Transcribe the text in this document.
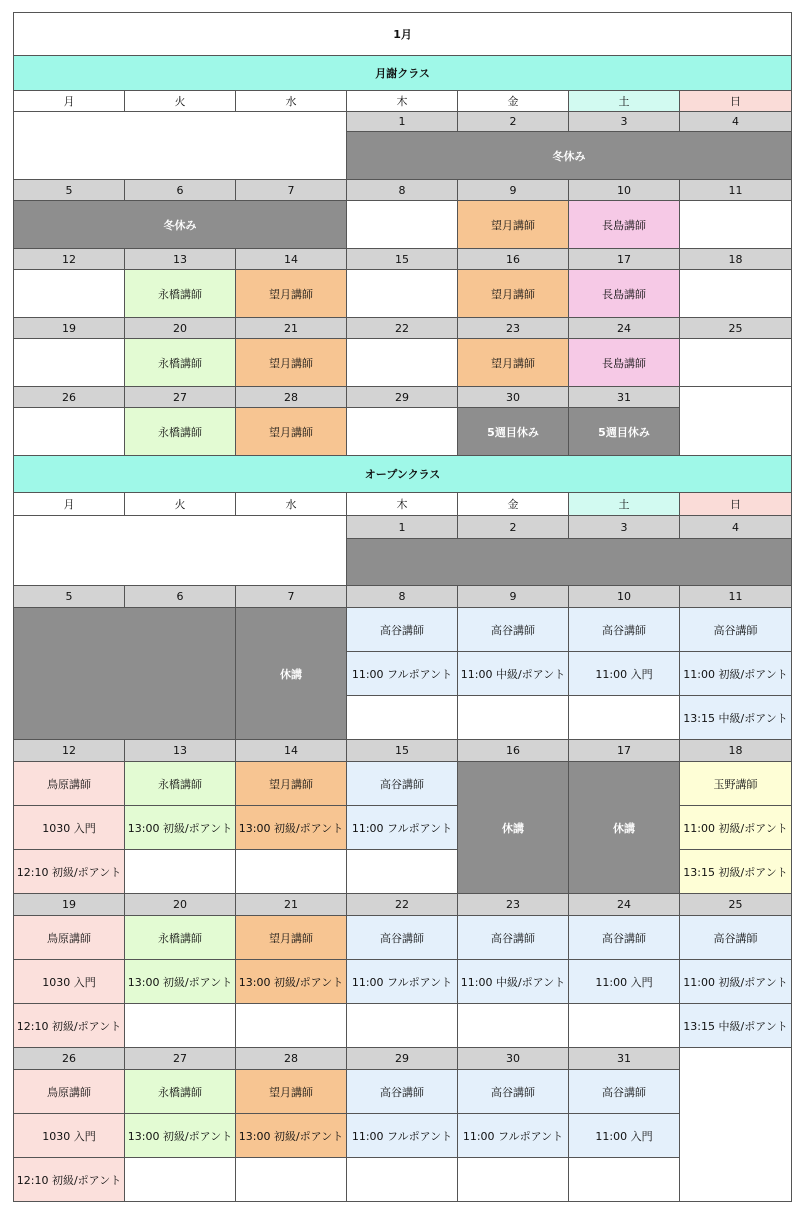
1月						
月謝クラス						
月	火	水	木	金	土	日
			1	2	3	4
			冬休み			
5	6	7	8	9	10	11
冬休み				望月講師	長島講師	
12	13	14	15	16	17	18
	永橋講師	望月講師		望月講師	長島講師	
19	20	21	22	23	24	25
	永橋講師	望月講師		望月講師	長島講師	
26	27	28	29	30	31	
	永橋講師	望月講師		5週目休み	5週目休み	
オープンクラス						
月	火	水	木	金	土	日
			1	2	3	4

5	6	7	8	9	10	11
		休講	高谷講師	高谷講師	高谷講師	高谷講師
			11:00 フルポアント	11:00 中級/ポアント	11:00 入門	11:00 初級/ポアント
						13:15 中級/ポアント
12	13	14	15	16	17	18
鳥原講師	永橋講師	望月講師	高谷講師	休講	休講	玉野講師
1030 入門	13:00 初級/ポアント	13:00 初級/ポアント	11:00 フルポアント			11:00 初級/ポアント
12:10 初級/ポアント						13:15 初級/ポアント
19	20	21	22	23	24	25
鳥原講師	永橋講師	望月講師	高谷講師	高谷講師	高谷講師	高谷講師
1030 入門	13:00 初級/ポアント	13:00 初級/ポアント	11:00 フルポアント	11:00 中級/ポアント	11:00 入門	11:00 初級/ポアント
12:10 初級/ポアント						13:15 中級/ポアント
26	27	28	29	30	31	
鳥原講師	永橋講師	望月講師	高谷講師	高谷講師	高谷講師	
1030 入門	13:00 初級/ポアント	13:00 初級/ポアント	11:00 フルポアント	11:00 フルポアント	11:00 入門	
12:10 初級/ポアント						
